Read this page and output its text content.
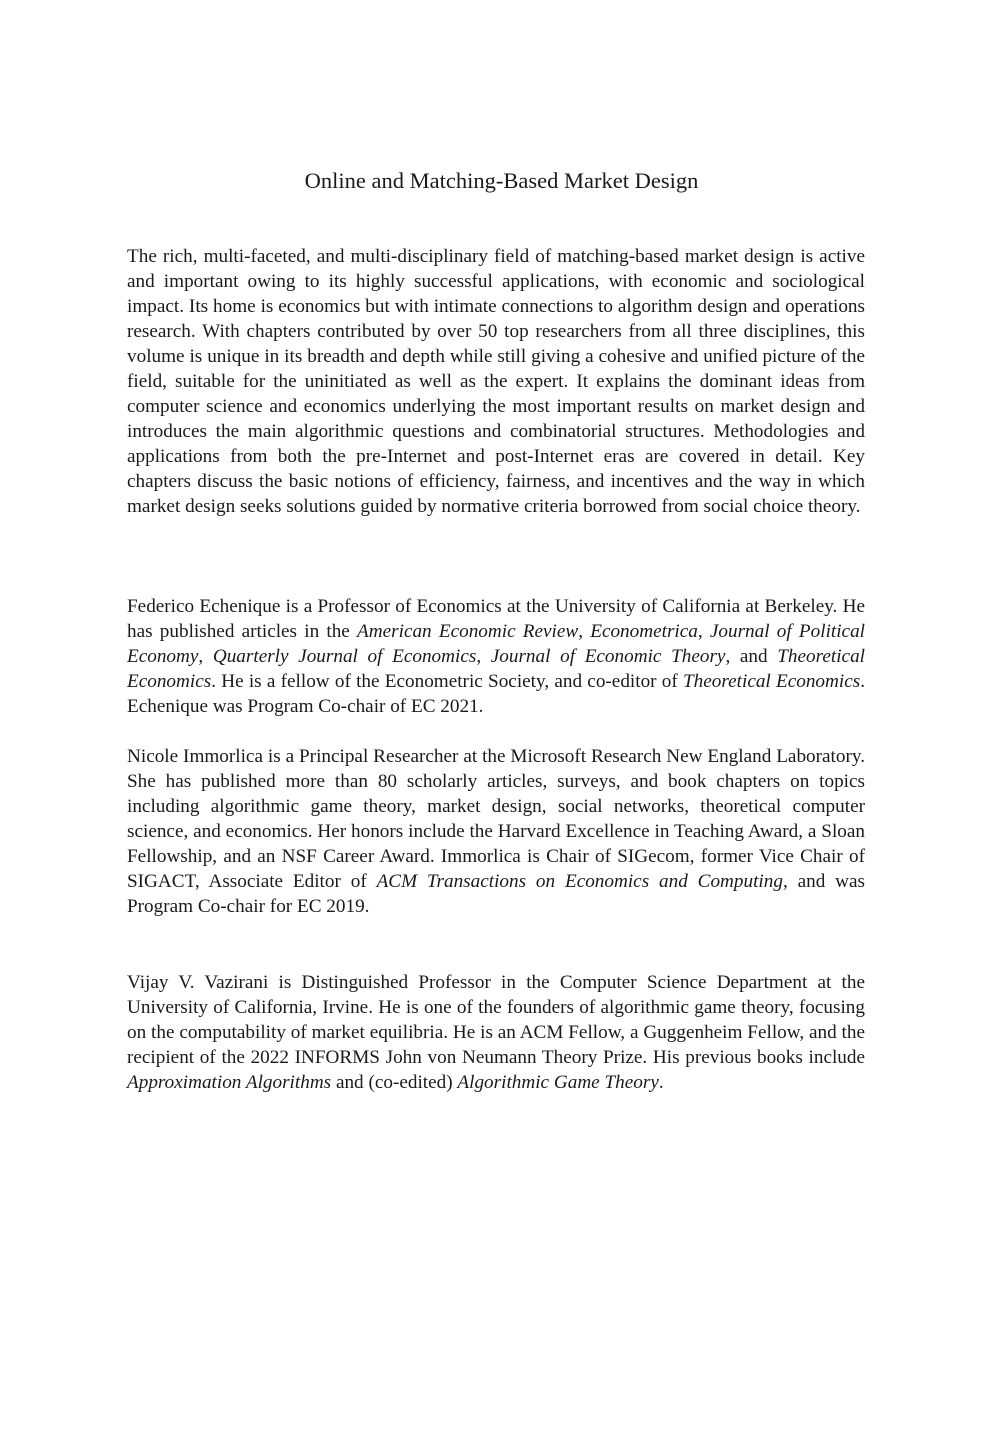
Online and Matching-Based Market Design

The rich, multi-faceted, and multi-disciplinary field of matching-based market design is active and important owing to its highly successful applications, with economic and sociological impact. Its home is economics but with intimate connections to algorithm design and operations research. With chapters contributed by over 50 top researchers from all three disciplines, this volume is unique in its breadth and depth while still giving a cohesive and unified picture of the field, suitable for the uninitiated as well as the expert. It explains the dominant ideas from computer science and economics underlying the most important results on market design and introduces the main algorithmic questions and combinatorial structures. Methodologies and applications from both the pre-Internet and post-Internet eras are covered in detail. Key chapters discuss the basic notions of efficiency, fairness, and incentives and the way in which market design seeks solutions guided by normative criteria borrowed from social choice theory.

Federico Echenique is a Professor of Economics at the University of California at Berkeley. He has published articles in the American Economic Review, Econometrica, Journal of Political Economy, Quarterly Journal of Economics, Journal of Economic Theory, and Theoretical Economics. He is a fellow of the Econometric Society, and co-editor of Theoretical Economics. Echenique was Program Co-chair of EC 2021.

Nicole Immorlica is a Principal Researcher at the Microsoft Research New England Laboratory. She has published more than 80 scholarly articles, surveys, and book chapters on topics including algorithmic game theory, market design, social networks, theoretical computer science, and economics. Her honors include the Harvard Excellence in Teaching Award, a Sloan Fellowship, and an NSF Career Award. Immorlica is Chair of SIGecom, former Vice Chair of SIGACT, Associate Editor of ACM Transactions on Economics and Computing, and was Program Co-chair for EC 2019.

Vijay V. Vazirani is Distinguished Professor in the Computer Science Department at the University of California, Irvine. He is one of the founders of algorithmic game theory, focusing on the computability of market equilibria. He is an ACM Fellow, a Guggenheim Fellow, and the recipient of the 2022 INFORMS John von Neumann Theory Prize. His previous books include Approximation Algorithms and (co-edited) Algorithmic Game Theory.
